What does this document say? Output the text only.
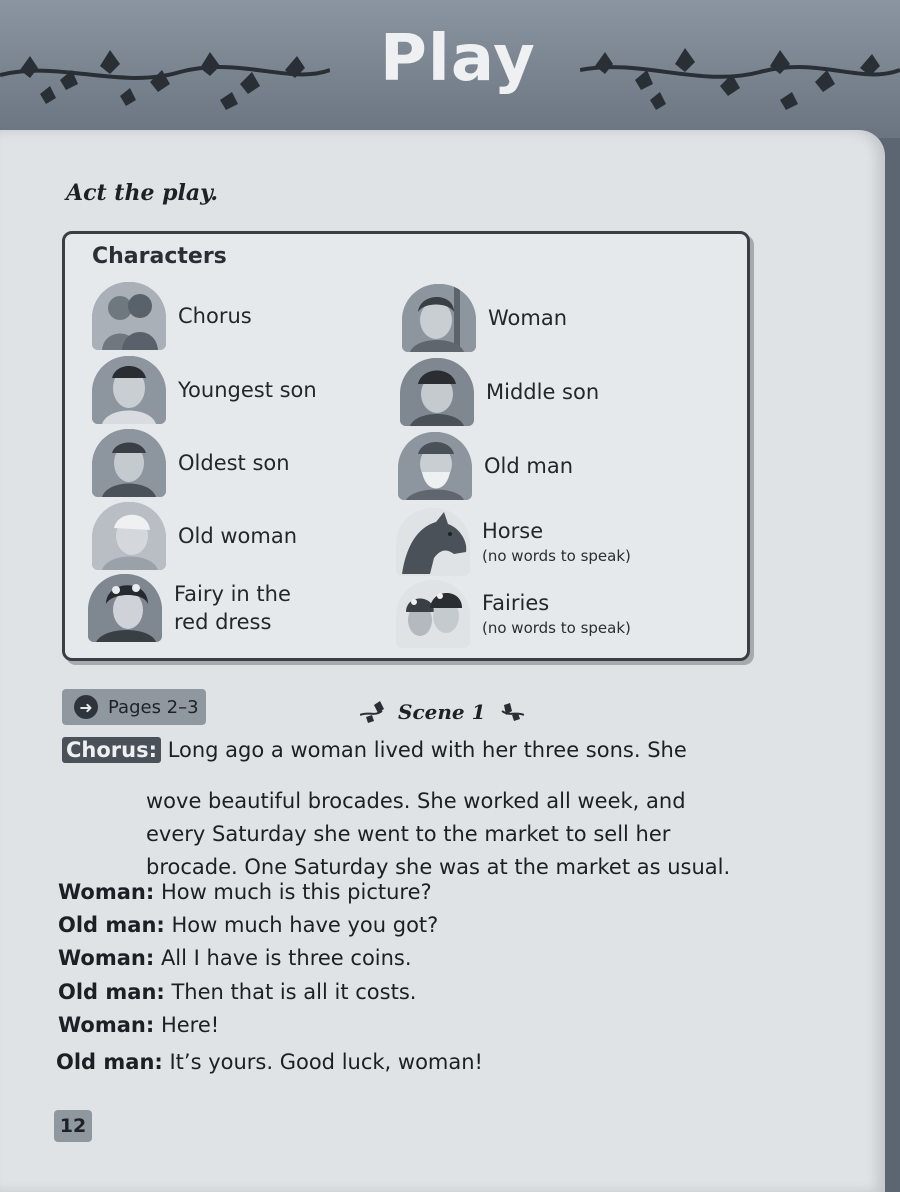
Play
Act the play.
Characters
Chorus
Youngest son
Oldest son
Old woman
Fairy in the
red dress
Woman
Middle son
Old man
Horse
(no words to speak)
Fairies
(no words to speak)
➜ Pages 2–3	Scene 1
Chorus: Long ago a woman lived with her three sons. She
wove beautiful brocades. She worked all week, and
every Saturday she went to the market to sell her
brocade. One Saturday she was at the market as usual.
Woman: How much is this picture?
Old man: How much have you got?
Woman: All I have is three coins.
Old man: Then that is all it costs.
Woman: Here!
Old man: It’s yours. Good luck, woman!
12
